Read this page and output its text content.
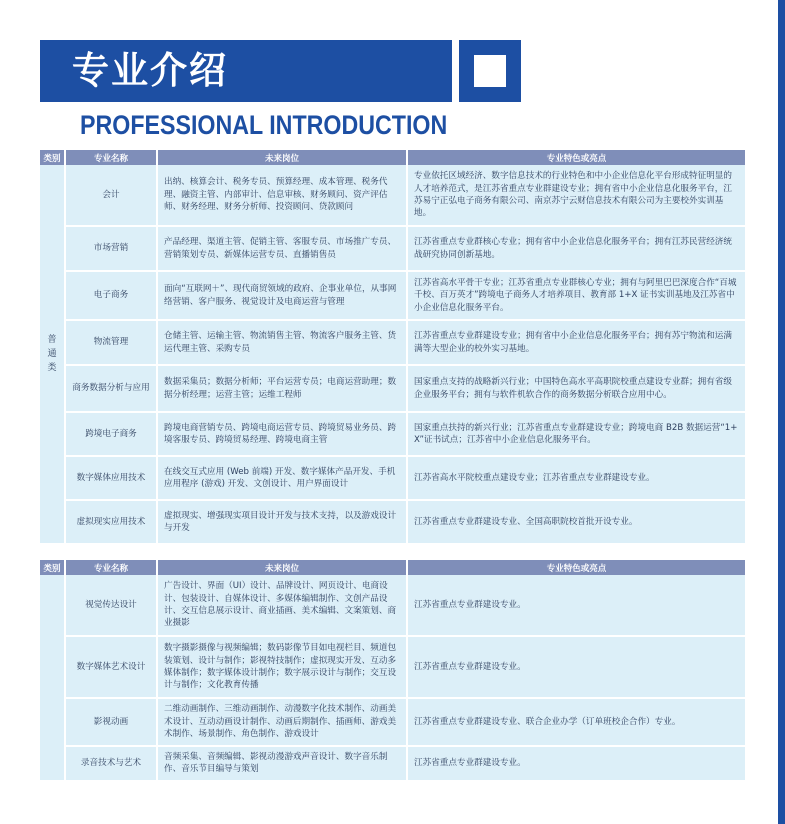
专业介绍
PROFESSIONAL INTRODUCTION
类别	专业名称	未来岗位	专业特色或亮点
普
通
类	会计	出纳、核算会计、税务专员、预算经理、成本管理、税务代理、融资主管、内部审计、信息审核、财务顾问、资产评估师、财务经理、财务分析师、投资顾问、贷款顾问	专业依托区域经济、数字信息技术的行业特色和中小企业信息化平台形成特征明显的人才培养范式，是江苏省重点专业群建设专业；拥有省中小企业信息化服务平台，江苏易宁正弘电子商务有限公司、南京苏宁云财信息技术有限公司为主要校外实训基地。
	市场营销	产品经理、渠道主管、促销主管、客服专员、市场推广专员、营销策划专员、新媒体运营专员、直播销售员	江苏省重点专业群核心专业；拥有省中小企业信息化服务平台；拥有江苏民营经济统战研究协同创新基地。
	电子商务	面向“互联网＋”、现代商贸领域的政府、企事业单位，从事网络营销、客户服务、视觉设计及电商运营与管理	江苏省高水平骨干专业；江苏省重点专业群核心专业；拥有与阿里巴巴深度合作“百城千校、百万英才”跨境电子商务人才培养项目、教育部 1+X 证书实训基地及江苏省中小企业信息化服务平台。
	物流管理	仓储主管、运输主管、物流销售主管、物流客户服务主管、货运代理主管、采购专员	江苏省重点专业群建设专业；拥有省中小企业信息化服务平台；拥有苏宁物流和运满满等大型企业的校外实习基地。
	商务数据分析与应用	数据采集员；数据分析师；平台运营专员；电商运营助理；数据分析经理；运营主管；运维工程师	国家重点支持的战略新兴行业；中国特色高水平高职院校重点建设专业群；拥有省级企业服务平台；拥有与软件机软合作的商务数据分析联合应用中心。
	跨境电子商务	跨境电商营销专员、跨境电商运营专员、跨境贸易业务员、跨境客服专员、跨境贸易经理、跨境电商主管	国家重点扶持的新兴行业；江苏省重点专业群建设专业；跨境电商 B2B 数据运营“1+X”证书试点；江苏省中小企业信息化服务平台。
	数字媒体应用技术	在线交互式应用 (Web 前端) 开发、数字媒体产品开发、手机应用程序 (游戏) 开发、文创设计、用户界面设计	江苏省高水平院校重点建设专业；江苏省重点专业群建设专业。
	虚拟现实应用技术	虚拟现实、增强现实项目设计开发与技术支持，以及游戏设计与开发	江苏省重点专业群建设专业、全国高职院校首批开设专业。
类别	专业名称	未来岗位	专业特色或亮点
	视觉传达设计	广告设计、界面（UI）设计、品牌设计、网页设计、电商设计、包装设计、自媒体设计、多媒体编辑制作、文创产品设计、交互信息展示设计、商业插画、美术编辑、文案策划、商业摄影	江苏省重点专业群建设专业。
	数字媒体艺术设计	数字摄影摄像与视频编辑；数码影像节目如电视栏目、频道包装策划、设计与制作；影视特技制作；虚拟现实开发、互动多媒体制作；数字媒体设计制作；数字展示设计与制作；交互设计与制作；文化教育传播	江苏省重点专业群建设专业。
	影视动画	二维动画制作、三维动画制作、动漫数字化技术制作、动画美术设计、互动动画设计制作、动画后期制作、插画师、游戏美术制作、场景制作、角色制作、游戏设计	江苏省重点专业群建设专业、联合企业办学（订单班校企合作）专业。
	录音技术与艺术	音频采集、音频编辑、影视动漫游戏声音设计、数字音乐制作、音乐节目编导与策划	江苏省重点专业群建设专业。
